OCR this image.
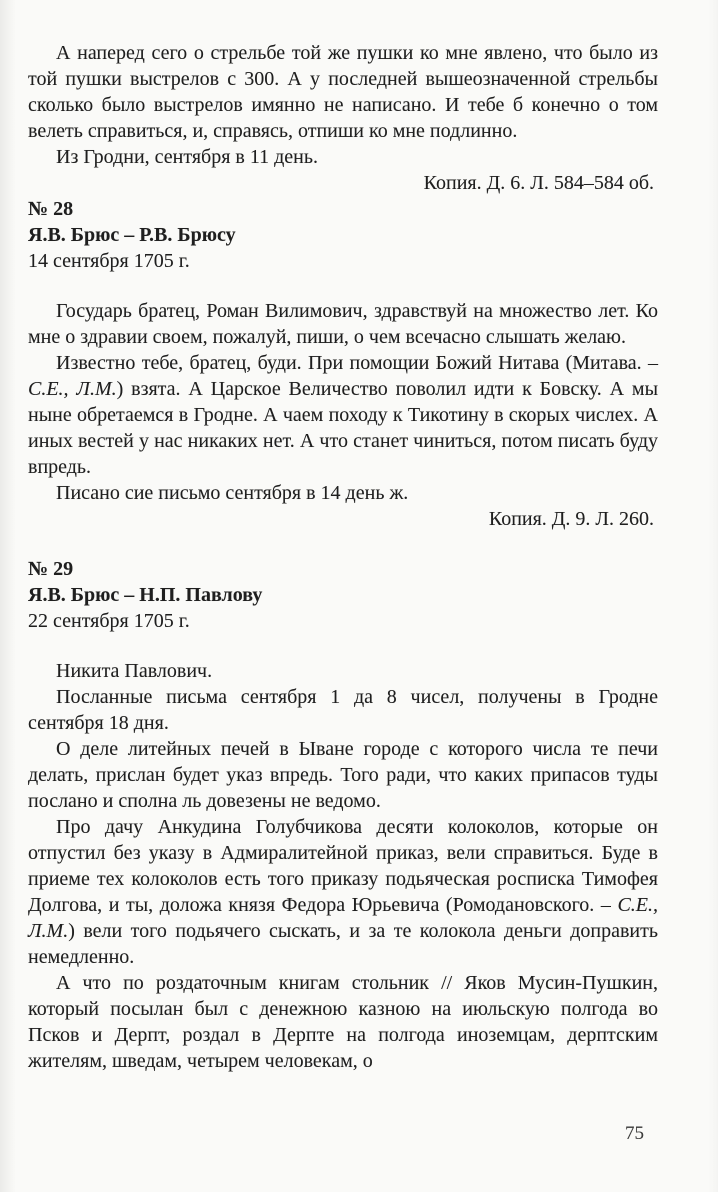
А наперед сего о стрельбе той же пушки ко мне явлено, что было из той пушки выстрелов с 300. А у последней вышеозначенной стрельбы сколько было выстрелов имянно не написано. И тебе б конечно о том велеть справиться, и, справясь, отпиши ко мне подлинно.

Из Гродни, сентября в 11 день.

Копия. Д. 6. Л. 584–584 об.

№ 28

Я.В. Брюс – Р.В. Брюсу

14 сентября 1705 г.

Государь братец, Роман Вилимович, здравствуй на множество лет. Ко мне о здравии своем, пожалуй, пиши, о чем всечасно слышать желаю.

Известно тебе, братец, буди. При помощии Божий Нитава (Митава. – С.Е., Л.М.) взята. А Царское Величество поволил идти к Бовску. А мы ныне обретаемся в Гродне. А чаем походу к Тикотину в скорых числех. А иных вестей у нас никаких нет. А что станет чиниться, потом писать буду впредь.

Писано сие письмо сентября в 14 день ж.

Копия. Д. 9. Л. 260.

№ 29

Я.В. Брюс – Н.П. Павлову

22 сентября 1705 г.

Никита Павлович.

Посланные письма сентября 1 да 8 чисел, получены в Гродне сентября 18 дня.

О деле литейных печей в Ыване городе с которого числа те печи делать, прислан будет указ впредь. Того ради, что каких припасов туды послано и сполна ль довезены не ведомо.

Про дачу Анкудина Голубчикова десяти колоколов, которые он отпустил без указу в Адмиралитейной приказ, вели справиться. Буде в приеме тех колоколов есть того приказу подьяческая росписка Тимофея Долгова, и ты, доложа князя Федора Юрьевича (Ромодановского. – С.Е., Л.М.) вели того подьячего сыскать, и за те колокола деньги доправить немедленно.

А что по роздаточным книгам стольник // Яков Мусин-Пушкин, который посылан был с денежною казною на июльскую полгода во Псков и Дерпт, роздал в Дерпте на полгода иноземцам, дерптским жителям, шведам, четырем человекам, о

75
